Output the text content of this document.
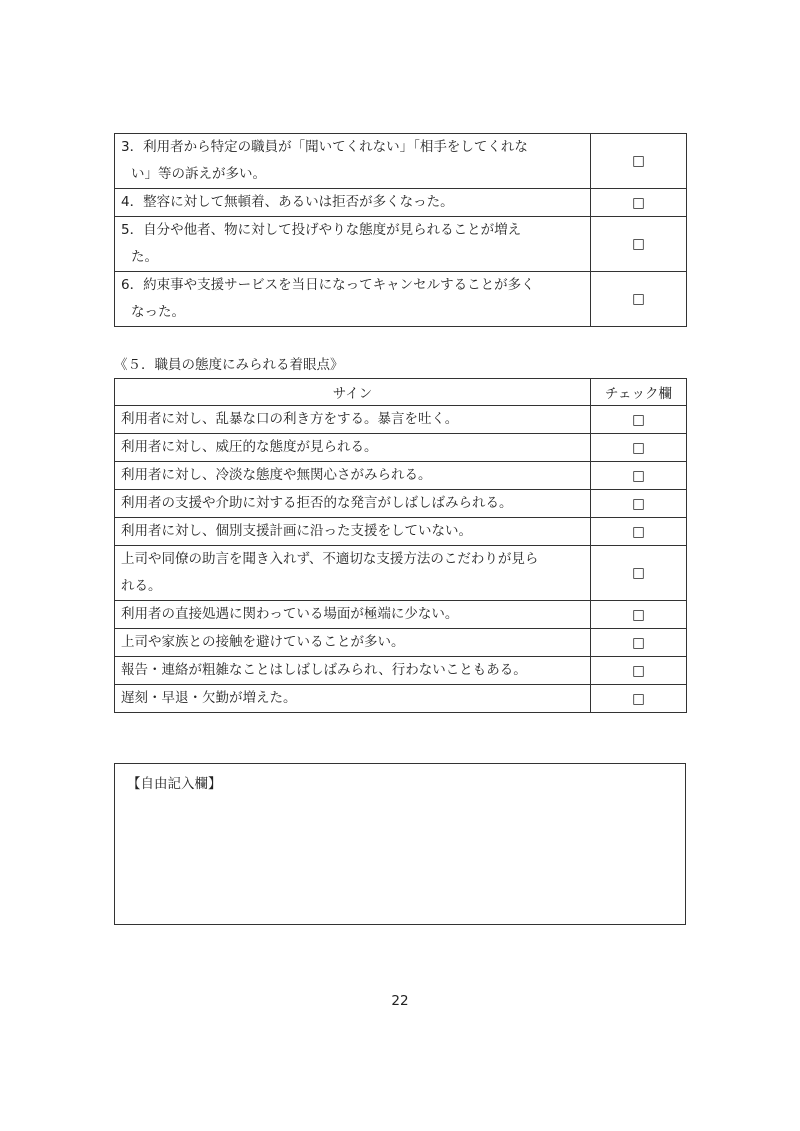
3．利用者から特定の職員が「聞いてくれない」「相手をしてくれな
い」等の訴えが多い。	□

4．整容に対して無頓着、あるいは拒否が多くなった。	□

5．自分や他者、物に対して投げやりな態度が見られることが増え
た。	□

6．約束事や支援サービスを当日になってキャンセルすることが多く
なった。	□
《５．職員の態度にみられる着眼点》
サイン	チェック欄

利用者に対し、乱暴な口の利き方をする。暴言を吐く。	□

利用者に対し、威圧的な態度が見られる。	□

利用者に対し、冷淡な態度や無関心さがみられる。	□

利用者の支援や介助に対する拒否的な発言がしばしばみられる。	□

利用者に対し、個別支援計画に沿った支援をしていない。	□

上司や同僚の助言を聞き入れず、不適切な支援方法のこだわりが見ら
れる。	□

利用者の直接処遇に関わっている場面が極端に少ない。	□

上司や家族との接触を避けていることが多い。	□

報告・連絡が粗雑なことはしばしばみられ、行わないこともある。	□

遅刻・早退・欠勤が増えた。	□
【自由記入欄】
22
